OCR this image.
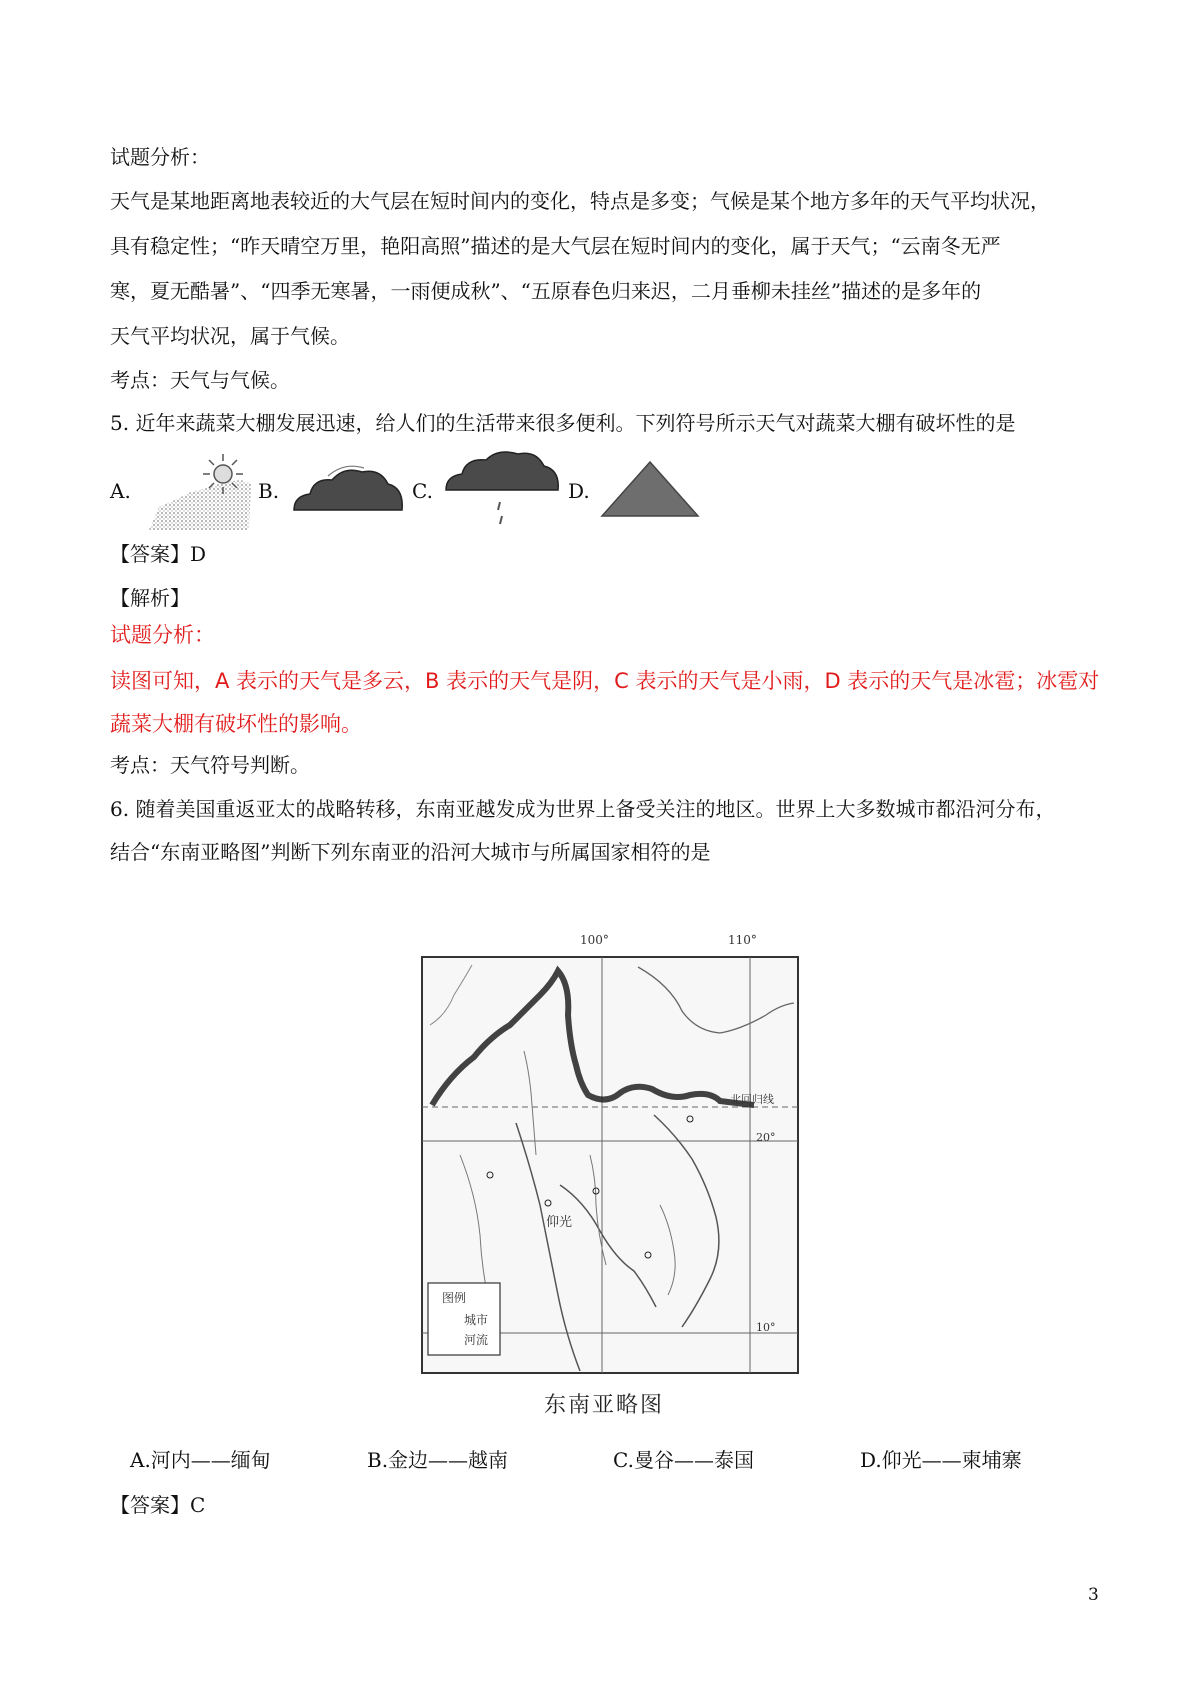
试题分析：
天气是某地距离地表较近的大气层在短时间内的变化，特点是多变；气候是某个地方多年的天气平均状况，
具有稳定性；“昨天晴空万里，艳阳高照”描述的是大气层在短时间内的变化，属于天气；“云南冬无严
寒，夏无酷暑”、“四季无寒暑，一雨便成秋”、“五原春色归来迟，二月垂柳未挂丝”描述的是多年的
天气平均状况，属于气候。
考点：天气与气候。
5. 近年来蔬菜大棚发展迅速，给人们的生活带来很多便利。下列符号所示天气对蔬菜大棚有破坏性的是
A.	B.	C.	D.
【答案】D
【解析】
试题分析：
读图可知，A 表示的天气是多云，B 表示的天气是阴，C 表示的天气是小雨，D 表示的天气是冰雹；冰雹对
蔬菜大棚有破坏性的影响。
考点：天气符号判断。
6. 随着美国重返亚太的战略转移，东南亚越发成为世界上备受关注的地区。世界上大多数城市都沿河分布，
结合“东南亚略图”判断下列东南亚的沿河大城市与所属国家相符的是
100°	110°
20°
10°
北回归线
仰光
图例
城市
河流
东南亚略图
A.河内——缅甸	B.金边——越南	C.曼谷——泰国	D.仰光——柬埔寨
【答案】C
3
